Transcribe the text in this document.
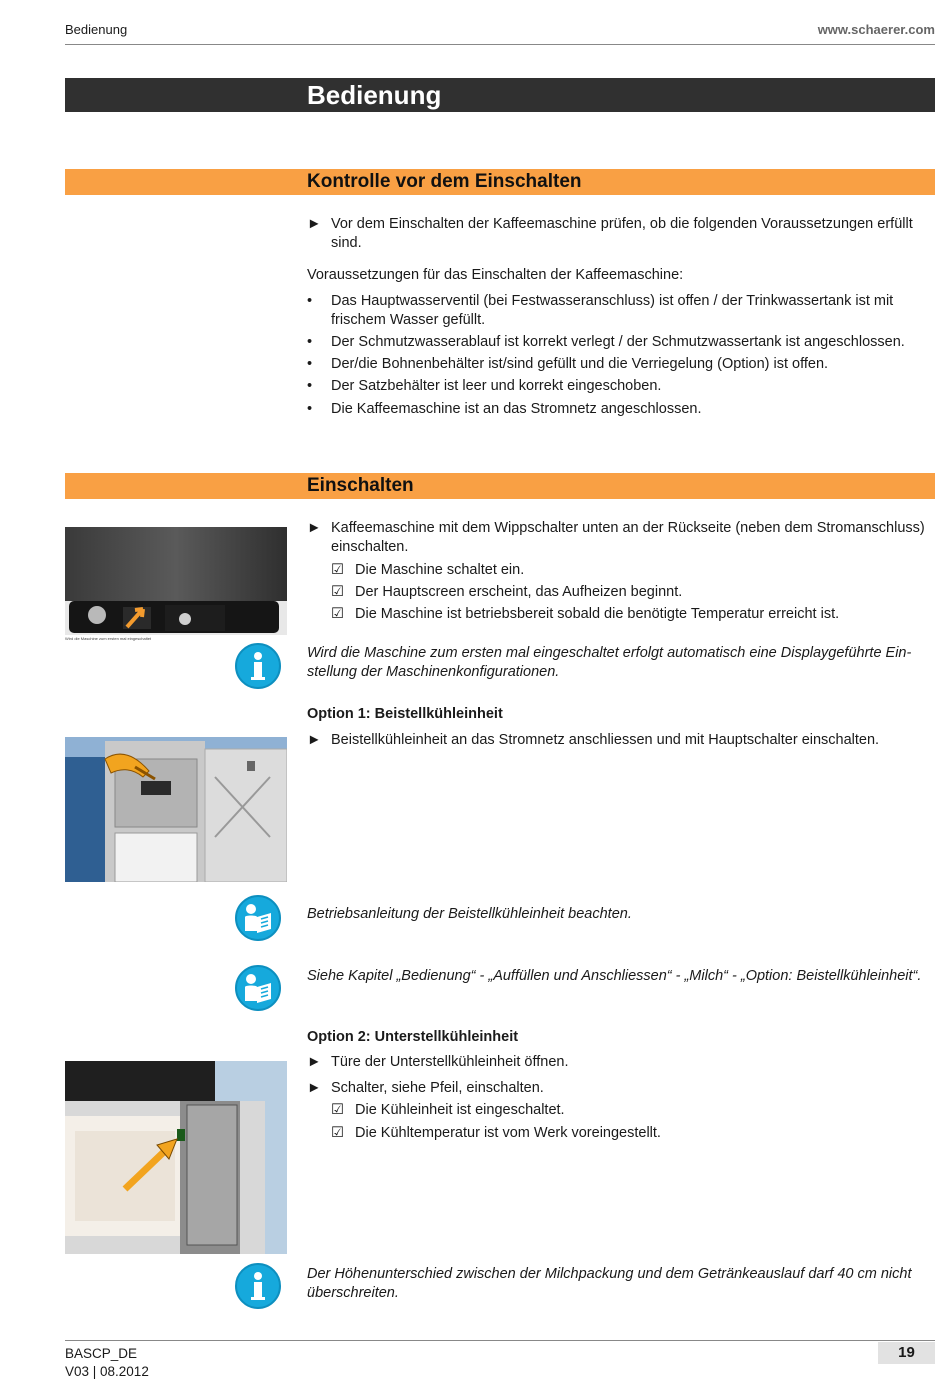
Bedienung	www.schaerer.com
Bedienung
Kontrolle vor dem Einschalten
► Vor dem Einschalten der Kaffeemaschine prüfen, ob die folgenden Voraussetzungen erfüllt sind.
Voraussetzungen für das Einschalten der Kaffeemaschine:
•	Das Hauptwasserventil (bei Festwasseranschluss) ist offen / der Trinkwassertank ist mit frischem Wasser gefüllt.
•	Der Schmutzwasserablauf ist korrekt verlegt / der Schmutzwassertank ist angeschlossen.
•	Der/die Bohnenbehälter ist/sind gefüllt und die Verriegelung (Option) ist offen.
•	Der Satzbehälter ist leer und korrekt eingeschoben.
•	Die Kaffeemaschine ist an das Stromnetz angeschlossen.
Einschalten
Wird die Maschine zum ersten mal eingeschaltet
► Kaffeemaschine mit dem Wippschalter unten an der Rückseite (neben dem Stromanschluss) einschalten.
☑ Die Maschine schaltet ein.
☑ Der Hauptscreen erscheint, das Aufheizen beginnt.
☑ Die Maschine ist betriebsbereit sobald die benötigte Temperatur erreicht ist.
Wird die Maschine zum ersten mal eingeschaltet erfolgt automatisch eine Displaygeführte Einstellung der Maschinenkonfigurationen.
Option 1: Beistellkühleinheit
► Beistellkühleinheit an das Stromnetz anschliessen und mit Hauptschalter einschalten.
Betriebsanleitung der Beistellkühleinheit beachten.
Siehe Kapitel „Bedienung“ - „Auffüllen und Anschliessen“ - „Milch“ - „Option: Beistellkühleinheit“.
Option 2: Unterstellkühleinheit
► Türe der Unterstellkühleinheit öffnen.
► Schalter, siehe Pfeil, einschalten.
☑ Die Kühleinheit ist eingeschaltet.
☑ Die Kühltemperatur ist vom Werk voreingestellt.
Der Höhenunterschied zwischen der Milchpackung und dem Getränkeauslauf darf 40 cm nicht überschreiten.
BASCP_DE
V03 | 08.2012
19
